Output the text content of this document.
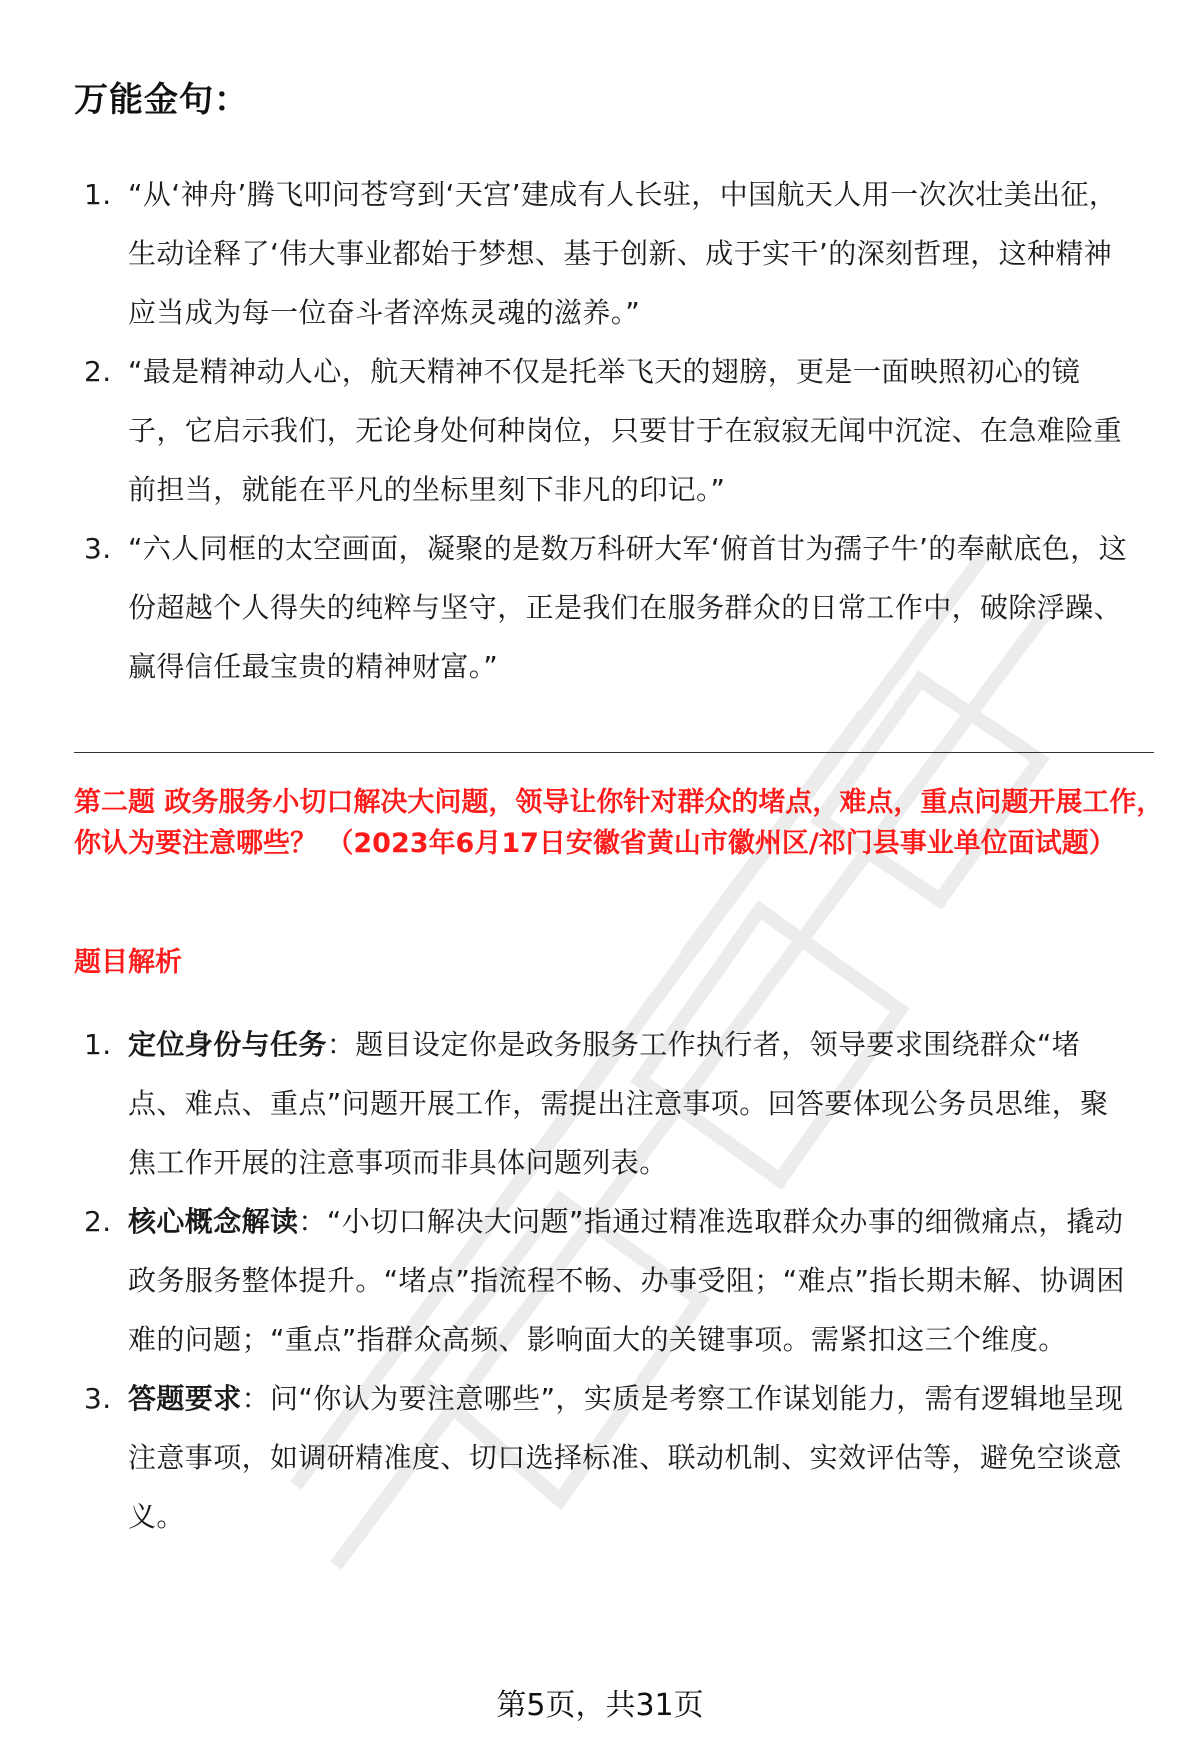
万能金句：
1. “从‘神舟’腾飞叩问苍穹到‘天宫’建成有人长驻，中国航天人用一次次壮美出征，生动诠释了‘伟大事业都始于梦想、基于创新、成于实干’的深刻哲理，这种精神应当成为每一位奋斗者淬炼灵魂的滋养。”
2. “最是精神动人心，航天精神不仅是托举飞天的翅膀，更是一面映照初心的镜子，它启示我们，无论身处何种岗位，只要甘于在寂寂无闻中沉淀、在急难险重前担当，就能在平凡的坐标里刻下非凡的印记。”
3. “六人同框的太空画面，凝聚的是数万科研大军‘俯首甘为孺子牛’的奉献底色，这份超越个人得失的纯粹与坚守，正是我们在服务群众的日常工作中，破除浮躁、赢得信任最宝贵的精神财富。”
第二题 政务服务小切口解决大问题，领导让你针对群众的堵点，难点，重点问题开展工作，你认为要注意哪些？ （2023年6月17日安徽省黄山市徽州区/祁门县事业单位面试题）
题目解析
1. 定位身份与任务：题目设定你是政务服务工作执行者，领导要求围绕群众“堵点、难点、重点”问题开展工作，需提出注意事项。回答要体现公务员思维，聚焦工作开展的注意事项而非具体问题列表。
2. 核心概念解读：“小切口解决大问题”指通过精准选取群众办事的细微痛点，撬动政务服务整体提升。“堵点”指流程不畅、办事受阻；“难点”指长期未解、协调困难的问题；“重点”指群众高频、影响面大的关键事项。需紧扣这三个维度。
3. 答题要求：问“你认为要注意哪些”，实质是考察工作谋划能力，需有逻辑地呈现注意事项，如调研精准度、切口选择标准、联动机制、实效评估等，避免空谈意义。
第5页，共31页
